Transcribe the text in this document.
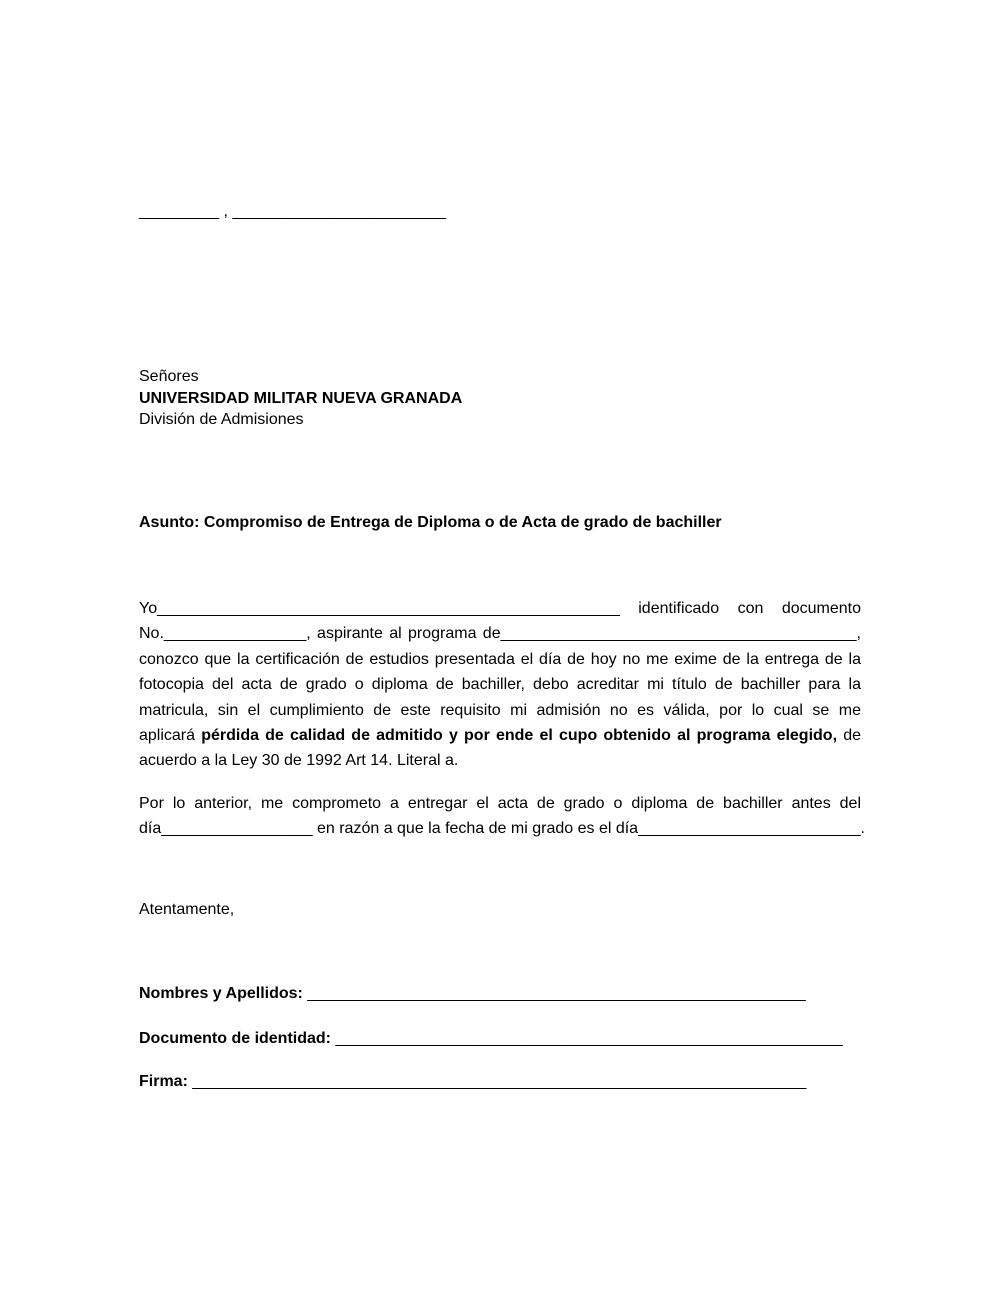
_________ , ________________________
Señores
UNIVERSIDAD MILITAR NUEVA GRANADA
División de Admisiones
Asunto: Compromiso de Entrega de Diploma o de Acta de grado de bachiller
Yo____________________________________________________ identificado con documento
No.________________, aspirante al programa de________________________________________,
conozco que la certificación de estudios presentada el día de hoy no me exime de la entrega de la
fotocopia del acta de grado o diploma de bachiller, debo acreditar mi título de bachiller para la
matricula, sin el cumplimiento de este requisito mi admisión no es válida, por lo cual se me
aplicará pérdida de calidad de admitido y por ende el cupo obtenido al programa elegido, de
acuerdo a la Ley 30 de 1992 Art 14. Literal a.
Por lo anterior, me comprometo a entregar el acta de grado o diploma de bachiller antes del
día_________________ en razón a que la fecha de mi grado es el día_________________________.
Atentamente,
Nombres y Apellidos: ________________________________________________________
Documento de identidad: _________________________________________________________
Firma: _____________________________________________________________________
